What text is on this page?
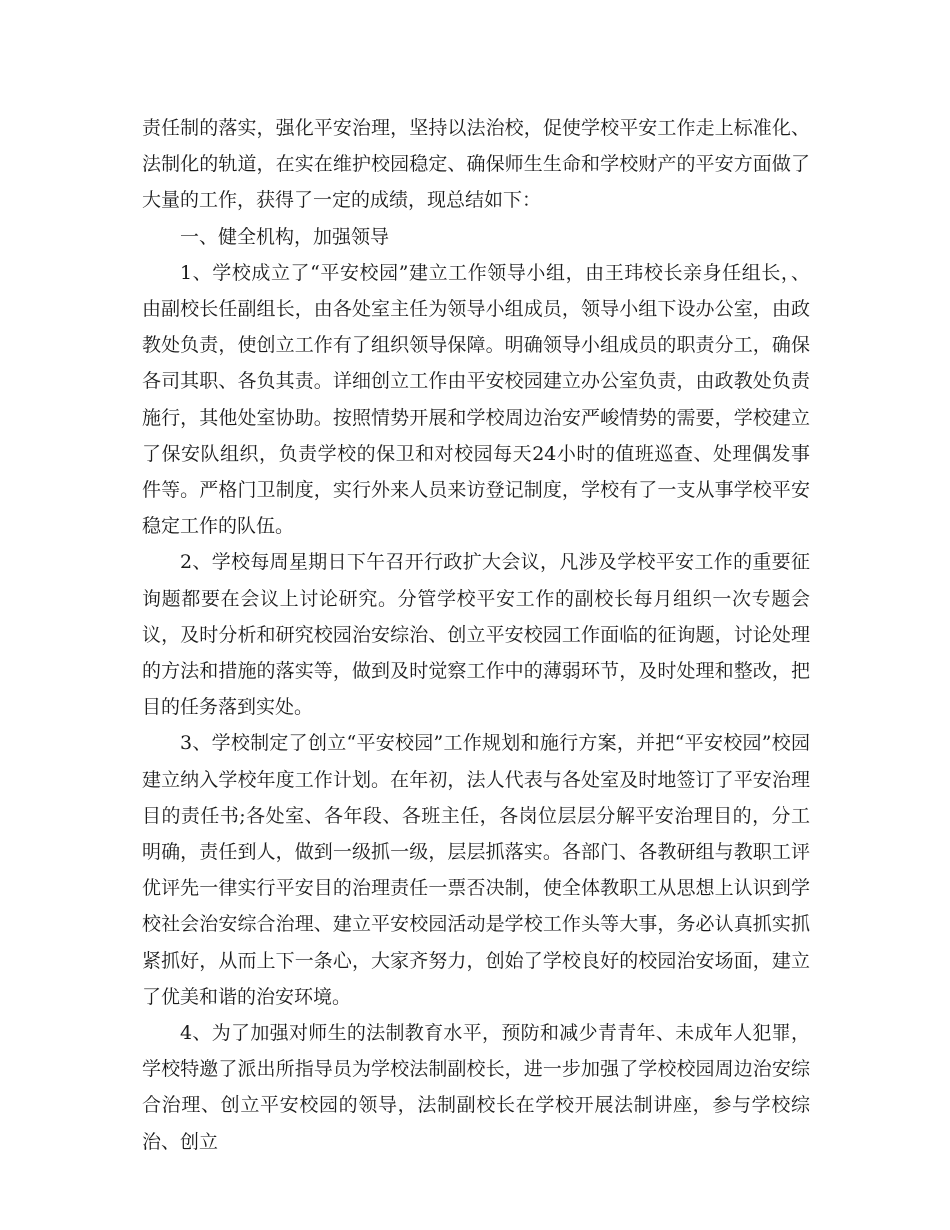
责任制的落实，强化平安治理，坚持以法治校，促使学校平安工作走上标准化、法制化的轨道，在实在维护校园稳定、确保师生生命和学校财产的平安方面做了大量的工作，获得了一定的成绩，现总结如下：

一、健全机构，加强领导

1、学校成立了“平安校园”建立工作领导小组，由王玮校长亲身任组长，、由副校长任副组长，由各处室主任为领导小组成员，领导小组下设办公室，由政教处负责，使创立工作有了组织领导保障。明确领导小组成员的职责分工，确保各司其职、各负其责。详细创立工作由平安校园建立办公室负责，由政教处负责施行，其他处室协助。按照情势开展和学校周边治安严峻情势的需要，学校建立了保安队组织，负责学校的保卫和对校园每天24小时的值班巡查、处理偶发事件等。严格门卫制度，实行外来人员来访登记制度，学校有了一支从事学校平安稳定工作的队伍。

2、学校每周星期日下午召开行政扩大会议，凡涉及学校平安工作的重要征询题都要在会议上讨论研究。分管学校平安工作的副校长每月组织一次专题会议，及时分析和研究校园治安综治、创立平安校园工作面临的征询题，讨论处理的方法和措施的落实等，做到及时觉察工作中的薄弱环节，及时处理和整改，把目的任务落到实处。

3、学校制定了创立“平安校园”工作规划和施行方案，并把“平安校园”校园建立纳入学校年度工作计划。在年初，法人代表与各处室及时地签订了平安治理目的责任书;各处室、各年段、各班主任，各岗位层层分解平安治理目的，分工明确，责任到人，做到一级抓一级，层层抓落实。各部门、各教研组与教职工评优评先一律实行平安目的治理责任一票否决制，使全体教职工从思想上认识到学校社会治安综合治理、建立平安校园活动是学校工作头等大事，务必认真抓实抓紧抓好，从而上下一条心，大家齐努力，创始了学校良好的校园治安场面，建立了优美和谐的治安环境。

4、为了加强对师生的法制教育水平，预防和减少青青年、未成年人犯罪，学校特邀了派出所指导员为学校法制副校长，进一步加强了学校校园周边治安综合治理、创立平安校园的领导，法制副校长在学校开展法制讲座，参与学校综治、创立
